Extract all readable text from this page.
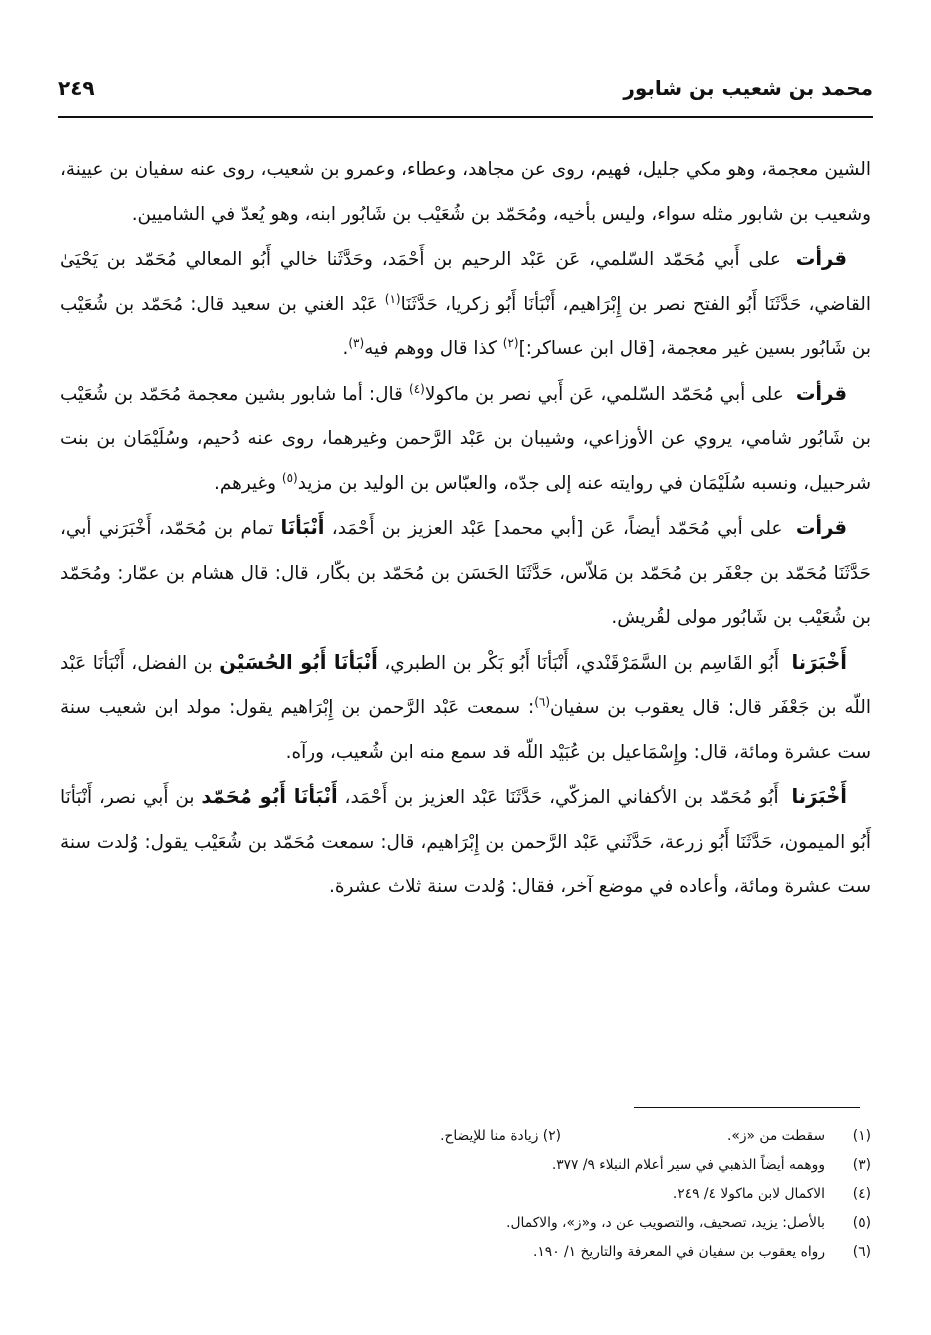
محمد بن شعيب بن شابور
٢٤٩

الشين معجمة، وهو مكي جليل، فهيم، روى عن مجاهد، وعطاء، وعمرو بن شعيب، روى عنه سفيان بن عيينة، وشعيب بن شابور مثله سواء، وليس بأخيه، ومُحَمّد بن شُعَيْب بن شَابُور ابنه، وهو يُعدّ في الشاميين.

قرأت على أَبي مُحَمّد السّلمي، عَن عَبْد الرحيم بن أَحْمَد، وحَدَّثَنا خالي أَبُو المعالي مُحَمّد بن يَحْيَىٰ القاضي، حَدَّثَنَا أَبُو الفتح نصر بن إِبْرَاهيم، أَنْبَأنَا أَبُو زكريا، حَدَّثَنَا$^{(١)}$ عَبْد الغني بن سعيد قال: مُحَمّد بن شُعَيْب بن شَابُور بسين غير معجمة، [قال ابن عساكر:]$^{(٢)}$ كذا قال ووهم فيه$^{(٣)}$.

قرأت على أبي مُحَمّد السّلمي، عَن أَبي نصر بن ماكولا$^{(٤)}$ قال: أما شابور بشين معجمة مُحَمّد بن شُعَيْب بن شَابُور شامي، يروي عن الأوزاعي، وشيبان بن عَبْد الرَّحمن وغيرهما، روى عنه دُحيم، وسُلَيْمَان بن بنت شرحبيل، ونسبه سُلَيْمَان في روايته عنه إلى جدّه، والعبّاس بن الوليد بن مزيد$^{(٥)}$ وغيرهم.

قرأت على أبي مُحَمّد أيضاً، عَن [أبي محمد] عَبْد العزيز بن أَحْمَد، أَنْبَأنَا تمام بن مُحَمّد، أَخْبَرَني أبي، حَدَّثَنَا مُحَمّد بن جعْفَر بن مُحَمّد بن مَلاّس، حَدَّثَنَا الحَسَن بن مُحَمّد بن بكّار، قال: قال هشام بن عمّار: ومُحَمّد بن شُعَيْب بن شَابُور مولى لقُريش.

أَخْبَرَنا أَبُو القَاسِم بن السَّمَرْقَنْدي، أَنْبَأنَا أَبُو بَكْر بن الطبري، أَنْبَأنَا أَبُو الحُسَيْن بن الفضل، أَنْبَأنَا عَبْد اللّه بن جَعْفَر قال: قال يعقوب بن سفيان$^{(٦)}$: سمعت عَبْد الرَّحمن بن إِبْرَاهيم يقول: مولد ابن شعيب سنة ست عشرة ومائة، قال: وإِسْمَاعيل بن عُبَيْد اللّه قد سمع منه ابن شُعيب، ورآه.

أَخْبَرَنا أَبُو مُحَمّد بن الأكفاني المزكّي، حَدَّثَنَا عَبْد العزيز بن أَحْمَد، أَنْبَأنَا أَبُو مُحَمّد بن أَبي نصر، أَنْبَأنَا أَبُو الميمون، حَدَّثَنَا أَبُو زرعة، حَدَّثَني عَبْد الرَّحمن بن إِبْرَاهيم، قال: سمعت مُحَمّد بن شُعَيْب يقول: وُلدت سنة ست عشرة ومائة، وأعاده في موضع آخر، فقال: وُلدت سنة ثلاث عشرة.

(١)
سقطت من «ز».
(٢) زيادة منا للإيضاح.
(٣)
ووهمه أيضاً الذهبي في سير أعلام النبلاء ٩/ ٣٧٧.
(٤)
الاكمال لابن ماكولا ٤/ ٢٤٩.
(٥)
بالأصل: يزيد، تصحيف، والتصويب عن د، و«ز»، والاكمال.
(٦)
رواه يعقوب بن سفيان في المعرفة والتاريخ ١/ ١٩٠.
